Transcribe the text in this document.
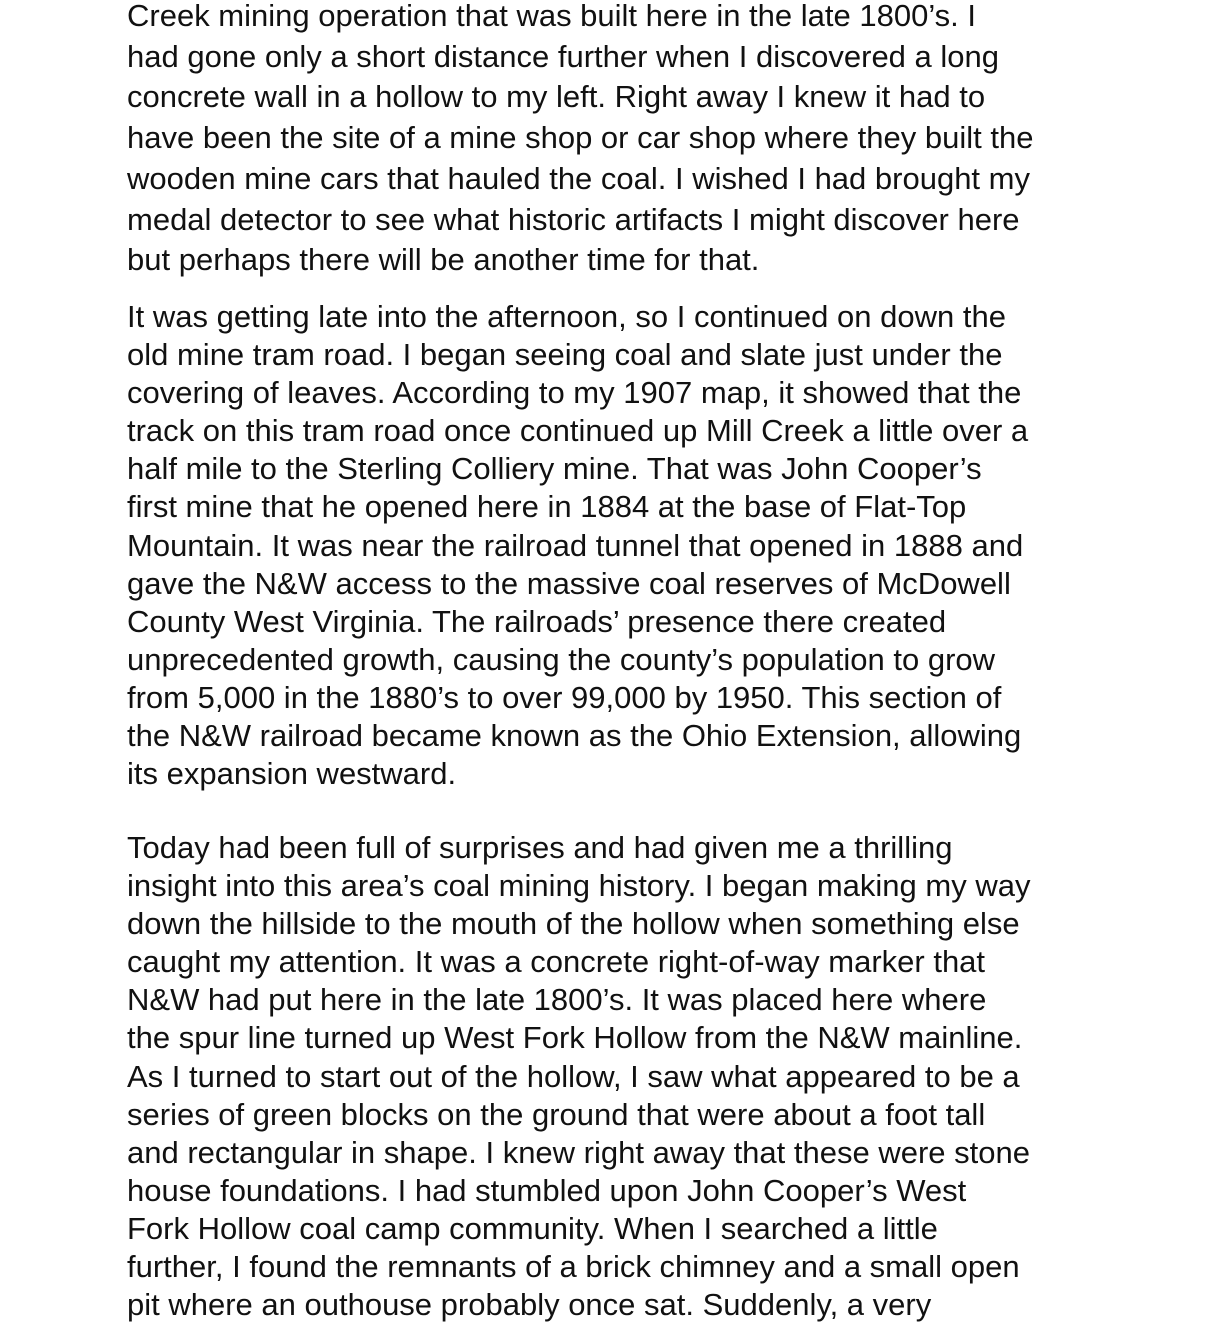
Creek mining operation that was built here in the late 1800’s. I
had gone only a short distance further when I discovered a long
concrete wall in a hollow to my left. Right away I knew it had to
have been the site of a mine shop or car shop where they built the
wooden mine cars that hauled the coal. I wished I had brought my
medal detector to see what historic artifacts I might discover here
but perhaps there will be another time for that.

It was getting late into the afternoon, so I continued on down the
old mine tram road. I began seeing coal and slate just under the
covering of leaves. According to my 1907 map, it showed that the
track on this tram road once continued up Mill Creek a little over a
half mile to the Sterling Colliery mine. That was John Cooper’s
first mine that he opened here in 1884 at the base of Flat-Top
Mountain. It was near the railroad tunnel that opened in 1888 and
gave the N&W access to the massive coal reserves of McDowell
County West Virginia. The railroads’ presence there created
unprecedented growth, causing the county’s population to grow
from 5,000 in the 1880’s to over 99,000 by 1950. This section of
the N&W railroad became known as the Ohio Extension, allowing
its expansion westward.

Today had been full of surprises and had given me a thrilling
insight into this area’s coal mining history. I began making my way
down the hillside to the mouth of the hollow when something else
caught my attention. It was a concrete right-of-way marker that
N&W had put here in the late 1800’s. It was placed here where
the spur line turned up West Fork Hollow from the N&W mainline.
As I turned to start out of the hollow, I saw what appeared to be a
series of green blocks on the ground that were about a foot tall
and rectangular in shape. I knew right away that these were stone
house foundations. I had stumbled upon John Cooper’s West
Fork Hollow coal camp community. When I searched a little
further, I found the remnants of a brick chimney and a small open
pit where an outhouse probably once sat. Suddenly, a very
